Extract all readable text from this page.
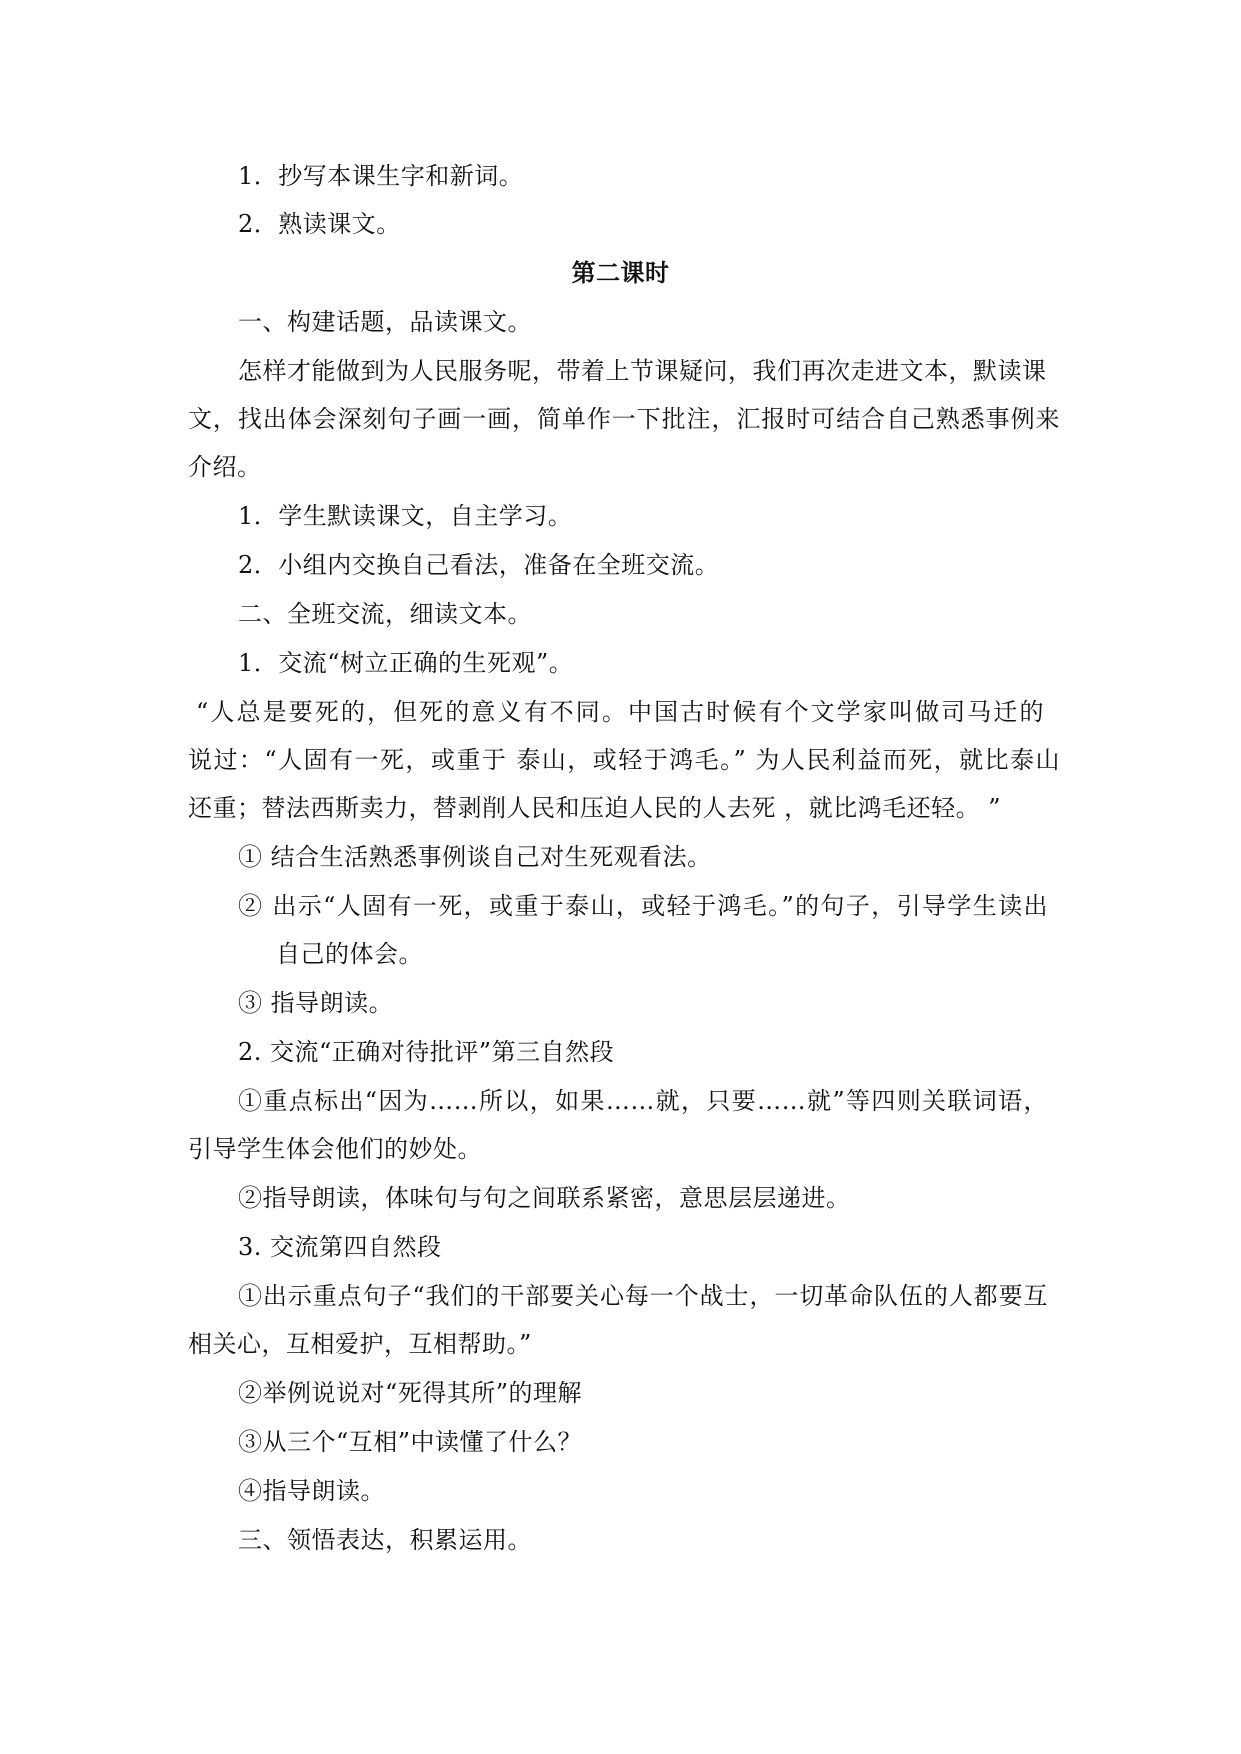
1．抄写本课生字和新词。
2．熟读课文。
第二课时
一、构建话题，品读课文。
怎样才能做到为人民服务呢，带着上节课疑问，我们再次走进文本，默读课
文，找出体会深刻句子画一画，简单作一下批注，汇报时可结合自己熟悉事例来
介绍。
1．学生默读课文，自主学习。
2．小组内交换自己看法，准备在全班交流。
二、全班交流，细读文本。
1．交流“树立正确的生死观”。
“人总是要死的，但死的意义有不同。中国古时候有个文学家叫做司马迁的
说过：“人固有一死，或重于 泰山，或轻于鸿毛。” 为人民利益而死，就比泰山
还重；替法西斯卖力，替剥削人民和压迫人民的人去死 ，就比鸿毛还轻。 ”
① 结合生活熟悉事例谈自己对生死观看法。
② 出示“人固有一死，或重于泰山，或轻于鸿毛。”的句子，引导学生读出
自己的体会。
③ 指导朗读。
2. 交流“正确对待批评”第三自然段
①重点标出“因为……所以，如果……就，只要……就”等四则关联词语，
引导学生体会他们的妙处。
②指导朗读，体味句与句之间联系紧密，意思层层递进。
3. 交流第四自然段
①出示重点句子“我们的干部要关心每一个战士，一切革命队伍的人都要互
相关心，互相爱护，互相帮助。”
②举例说说对“死得其所”的理解
③从三个“互相”中读懂了什么？
④指导朗读。
三、领悟表达，积累运用。
